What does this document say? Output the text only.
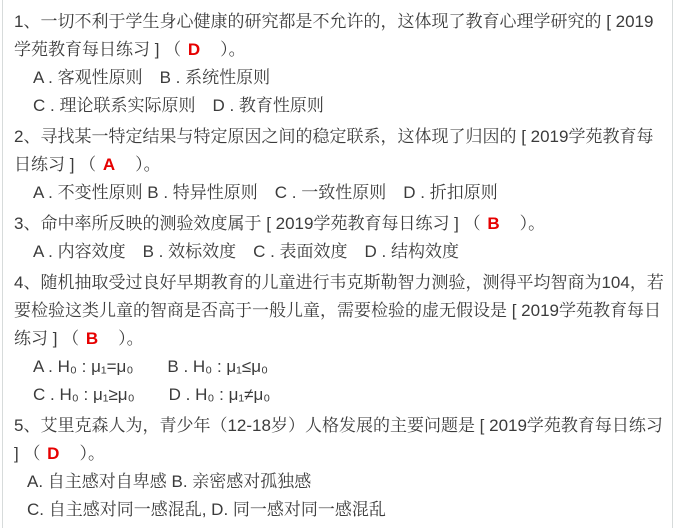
1、一切不利于学生身心健康的研究都是不允许的，这体现了教育心理学研究的 [ 2019学苑教育每日练习 ] （ D　）。

A . 客观性原则　B . 系统性原则

C . 理论联系实际原则　D . 教育性原则

2、寻找某一特定结果与特定原因之间的稳定联系，这体现了归因的 [ 2019学苑教育每日练习 ] （ A　）。

A . 不变性原则 B . 特异性原则　C . 一致性原则　D . 折扣原则

3、命中率所反映的测验效度属于 [ 2019学苑教育每日练习 ] （ B　）。

A . 内容效度　B . 效标效度　C . 表面效度　D . 结构效度

4、随机抽取受过良好早期教育的儿童进行韦克斯勒智力测验，测得平均智商为104，若要检验这类儿童的智商是否高于一般儿童，需要检验的虚无假设是 [ 2019学苑教育每日练习 ] （ B　）。

A . H₀ : μ₁=μ₀　　B . H₀ : μ₁≤μ₀

C . H₀ : μ₁≥μ₀　　D . H₀ : μ₁≠μ₀

5、艾里克森人为，青少年（12-18岁）人格发展的主要问题是 [ 2019学苑教育每日练习 ] （ D　）。

A. 自主感对自卑感 B. 亲密感对孤独感

C. 自主感对同一感混乱, D. 同一感对同一感混乱
